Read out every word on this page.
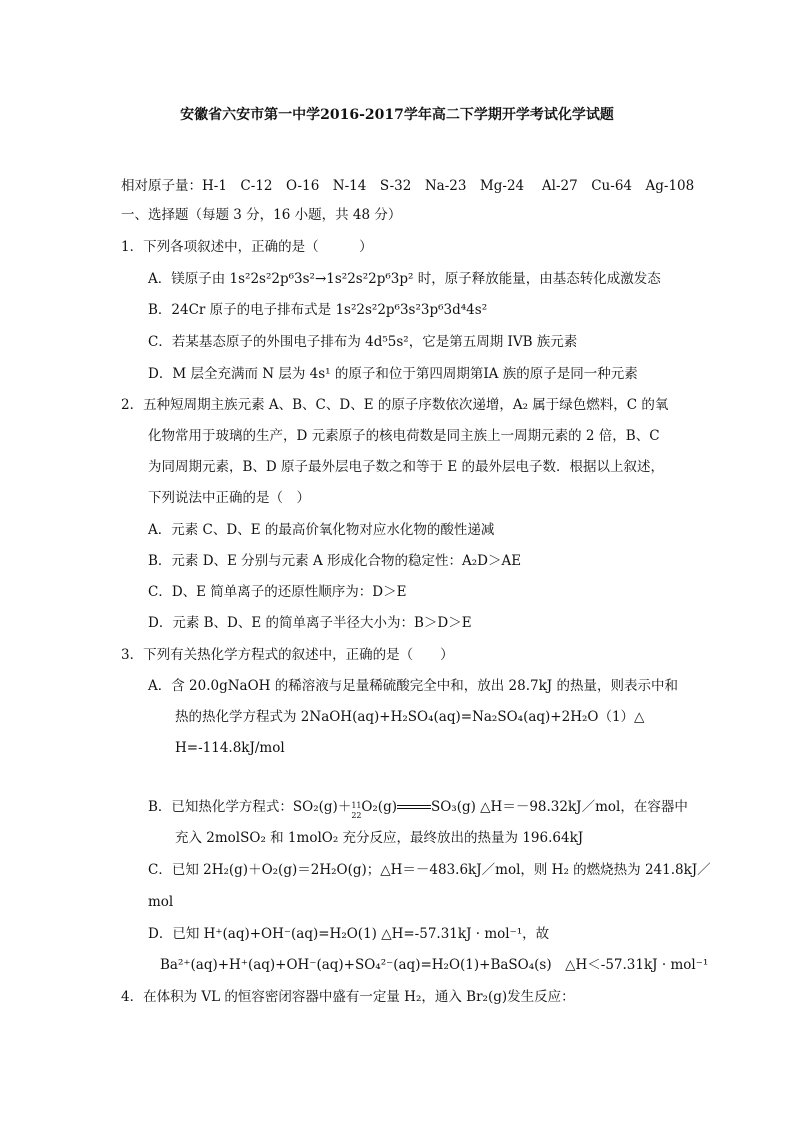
安徽省六安市第一中学2016-2017学年高二下学期开学考试化学试题
相对原子量：H-1　C-12　O-16　N-14　S-32　Na-23　Mg-24　 Al-27　Cu-64　Ag-108
一、选择题（每题 3 分，16 小题，共 48 分）
1．下列各项叙述中，正确的是（　　　）
A．镁原子由 1s²2s²2p⁶3s²→1s²2s²2p⁶3p² 时，原子释放能量，由基态转化成激发态
B．24Cr 原子的电子排布式是 1s²2s²2p⁶3s²3p⁶3d⁴4s²
C．若某基态原子的外围电子排布为 4d⁵5s²，它是第五周期 IVB 族元素
D．M 层全充满而 N 层为 4s¹ 的原子和位于第四周期第ⅠA 族的原子是同一种元素
2．五种短周期主族元素 A、B、C、D、E 的原子序数依次递增，A₂ 属于绿色燃料，C 的氧
化物常用于玻璃的生产，D 元素原子的核电荷数是同主族上一周期元素的 2 倍，B、C
为同周期元素，B、D 原子最外层电子数之和等于 E 的最外层电子数．根据以上叙述，
下列说法中正确的是（　）
A．元素 C、D、E 的最高价氧化物对应水化物的酸性递减
B．元素 D、E 分别与元素 A 形成化合物的稳定性：A₂D＞AE
C．D、E 简单离子的还原性顺序为：D＞E
D．元素 B、D、E 的简单离子半径大小为：B＞D＞E
3．下列有关热化学方程式的叙述中，正确的是（　　）
A．含 20.0gNaOH 的稀溶液与足量稀硫酸完全中和，放出 28.7kJ 的热量，则表示中和
热的热化学方程式为 2NaOH(aq)+H₂SO₄(aq)=Na₂SO₄(aq)+2H₂O（1）△
H=-114.8kJ/mol
B．已知热化学方程式：SO₂(g)＋ 11
22
O₂(g)	SO₃(g) △H＝－98.32kJ／mol，在容器中
充入 2molSO₂ 和 1molO₂ 充分反应，最终放出的热量为 196.64kJ
C．已知 2H₂(g)＋O₂(g)＝2H₂O(g)；△H＝－483.6kJ／mol，则 H₂ 的燃烧热为 241.8kJ／
mol
D．已知 H⁺(aq)+OH⁻(aq)=H₂O(1) △H=-57.31kJ · mol⁻¹，故
Ba²⁺(aq)+H⁺(aq)+OH⁻(aq)+SO₄²⁻(aq)=H₂O(1)+BaSO₄(s)　△H＜-57.31kJ · mol⁻¹
4．在体积为 VL 的恒容密闭容器中盛有一定量 H₂，通入 Br₂(g)发生反应：
